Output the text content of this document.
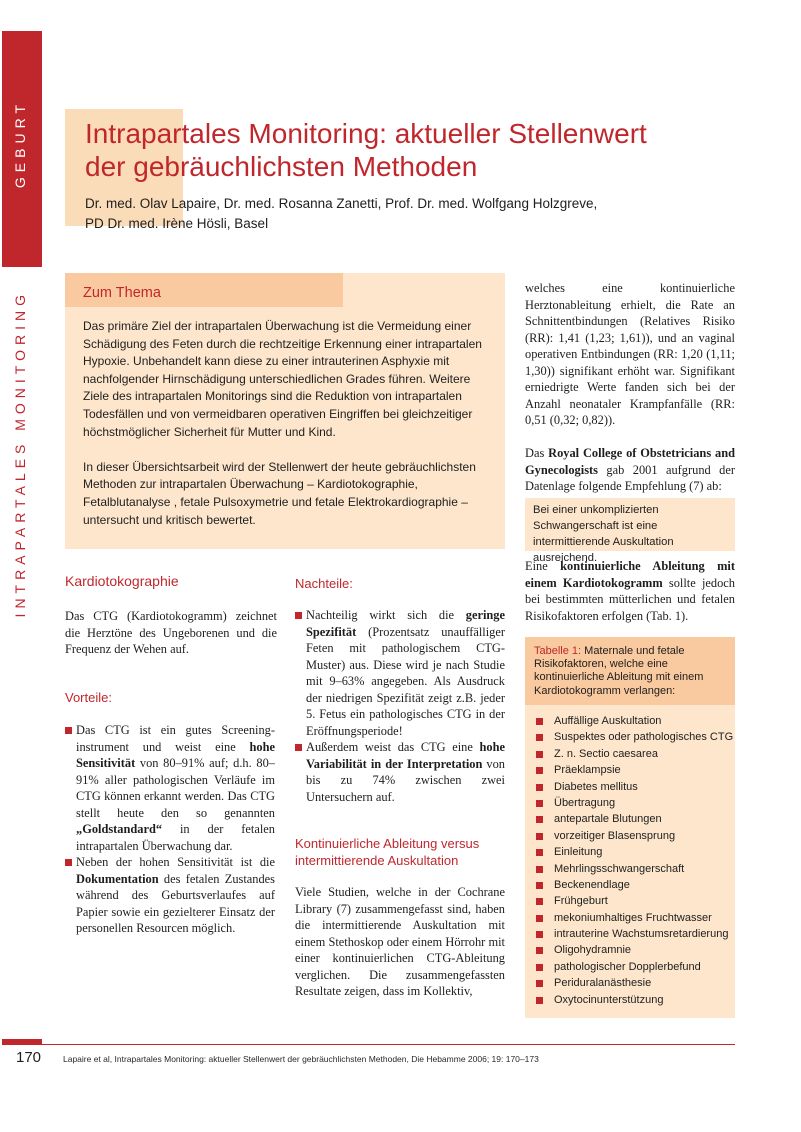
GEBURT
INTRAPARTALES MONITORING
Intrapartales Monitoring: aktueller Stellenwert
der gebräuchlichsten Methoden
Dr. med. Olav Lapaire, Dr. med. Rosanna Zanetti, Prof. Dr. med. Wolfgang Holzgreve,
PD Dr. med. Irène Hösli, Basel
Zum Thema

Das primäre Ziel der intrapartalen Überwachung ist die Vermeidung einer Schädigung des Feten durch die rechtzeitige Erkennung einer intrapartalen Hypoxie. Unbehandelt kann diese zu einer intrauterinen Asphyxie mit nachfolgender Hirnschädigung unterschiedlichen Grades führen. Weitere Ziele des intrapartalen Monitorings sind die Reduktion von intrapartalen Todesfällen und von vermeidbaren operativen Eingriffen bei gleichzeitiger höchstmöglicher Sicherheit für Mutter und Kind.

In dieser Übersichtsarbeit wird der Stellenwert der heute gebräuchlichsten Methoden zur intrapartalen Überwachung – Kardiotokographie, Fetalblutanalyse , fetale Pulsoxymetrie und fetale Elektrokardiographie – untersucht und kritisch bewertet.

Kardiotokographie

Das CTG (Kardiotokogramm) zeichnet die Herztöne des Ungeborenen und die Frequenz der Wehen auf.

Vorteile:

Das CTG ist ein gutes Screening-instrument und weist eine hohe Sensitivität von 80–91% auf; d.h. 80–91% aller pathologischen Verläufe im CTG können erkannt werden. Das CTG stellt heute den so genannten „Goldstandard“ in der fetalen intrapartalen Überwachung dar.

Neben der hohen Sensitivität ist die Dokumentation des fetalen Zustandes während des Geburtsverlaufes auf Papier sowie ein gezielterer Einsatz der personellen Resourcen möglich.

Nachteile:

Nachteilig wirkt sich die geringe Spezifität (Prozentsatz unauffälliger Feten mit pathologischem CTG-Muster) aus. Diese wird je nach Studie mit 9–63% angegeben. Als Ausdruck der niedrigen Spezifität zeigt z.B. jeder 5. Fetus ein pathologisches CTG in der Eröffnungsperiode!

Außerdem weist das CTG eine hohe Variabilität in der Interpretation von bis zu 74% zwischen zwei Untersuchern auf.

Kontinuierliche Ableitung versus
intermittierende Auskultation

Viele Studien, welche in der Cochrane Library (7) zusammengefasst sind, haben die intermittierende Auskultation mit einem Stethoskop oder einem Hörrohr mit einer kontinuierlichen CTG-Ableitung verglichen. Die zusammengefassten Resultate zeigen, dass im Kollektiv,

welches eine kontinuierliche Herztonableitung erhielt, die Rate an Schnittentbindungen (Relatives Risiko (RR): 1,41 (1,23; 1,61)), und an vaginal operativen Entbindungen (RR: 1,20 (1,11; 1,30)) signifikant erhöht war. Signifikant erniedrigte Werte fanden sich bei der Anzahl neonataler Krampfanfälle (RR: 0,51 (0,32; 0,82)).

Das Royal College of Obstetricians and Gynecologists gab 2001 aufgrund der Datenlage folgende Empfehlung (7) ab:

Bei einer unkomplizierten Schwangerschaft ist eine intermittierende Auskultation ausreichend.

Eine kontinuierliche Ableitung mit einem Kardiotokogramm sollte jedoch bei bestimmten mütterlichen und fetalen Risikofaktoren erfolgen (Tab. 1).

Tabelle 1: Maternale und fetale Risikofaktoren, welche eine kontinuierliche Ableitung mit einem Kardiotokogramm verlangen:
Auffällige Auskultation
Suspektes oder pathologisches CTG
Z. n. Sectio caesarea
Präeklampsie
Diabetes mellitus
Übertragung
antepartale Blutungen
vorzeitiger Blasensprung
Einleitung
Mehrlingsschwangerschaft
Beckenendlage
Frühgeburt
mekoniumhaltiges Fruchtwasser
intrauterine Wachstumsretardierung
Oligohydramnie
pathologischer Dopplerbefund
Periduralanästhesie
Oxytocinunterstützung
170	Lapaire et al, Intrapartales Monitoring: aktueller Stellenwert der gebräuchlichsten Methoden, Die Hebamme 2006; 19: 170–173
